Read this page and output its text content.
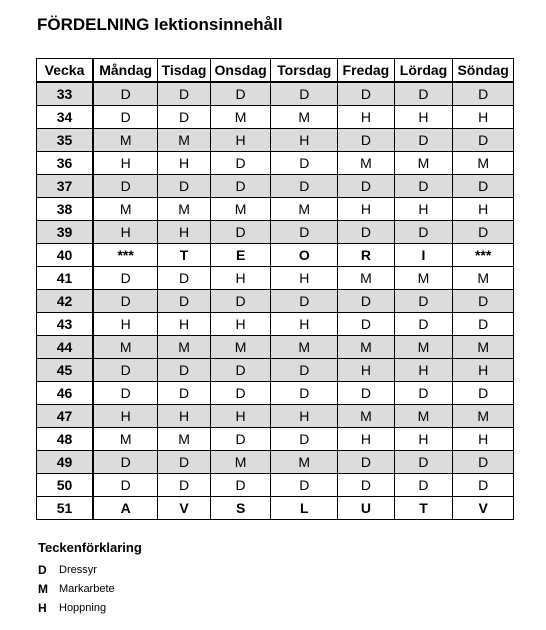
FÖRDELNING lektionsinnehåll
Vecka	Måndag	Tisdag	Onsdag	Torsdag	Fredag	Lördag	Söndag
33	D	D	D	D	D	D	D
34	D	D	M	M	H	H	H
35	M	M	H	H	D	D	D
36	H	H	D	D	M	M	M
37	D	D	D	D	D	D	D
38	M	M	M	M	H	H	H
39	H	H	D	D	D	D	D
40	***	T	E	O	R	I	***
41	D	D	H	H	M	M	M
42	D	D	D	D	D	D	D
43	H	H	H	H	D	D	D
44	M	M	M	M	M	M	M
45	D	D	D	D	H	H	H
46	D	D	D	D	D	D	D
47	H	H	H	H	M	M	M
48	M	M	D	D	H	H	H
49	D	D	M	M	D	D	D
50	D	D	D	D	D	D	D
51	A	V	S	L	U	T	V
Teckenförklaring
D	Dressyr
M	Markarbete
H	Hoppning
